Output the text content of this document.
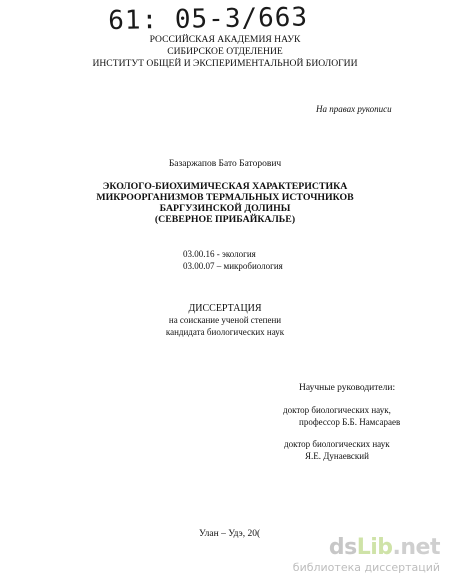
61: 05-3/663
РОССИЙСКАЯ АКАДЕМИЯ НАУК
СИБИРСКОЕ ОТДЕЛЕНИЕ
ИНСТИТУТ ОБЩЕЙ И ЭКСПЕРИМЕНТАЛЬНОЙ БИОЛОГИИ
На правах рукописи
Базаржапов Бато Баторович
ЭКОЛОГО-БИОХИМИЧЕСКАЯ ХАРАКТЕРИСТИКА
МИКРООРГАНИЗМОВ ТЕРМАЛЬНЫХ ИСТОЧНИКОВ
БАРГУЗИНСКОЙ ДОЛИНЫ
(СЕВЕРНОЕ ПРИБАЙКАЛЬЕ)
03.00.16 - экология
03.00.07 – микробиология
ДИССЕРТАЦИЯ
на соискание ученой степени
кандидата биологических наук
Научные руководители:
доктор биологических наук,
профессор Б.Б. Намсараев
доктор биологических наук
Я.Е. Дунаевский
Улан – Удэ, 20(
dsLib.net
библиотека диссертаций
